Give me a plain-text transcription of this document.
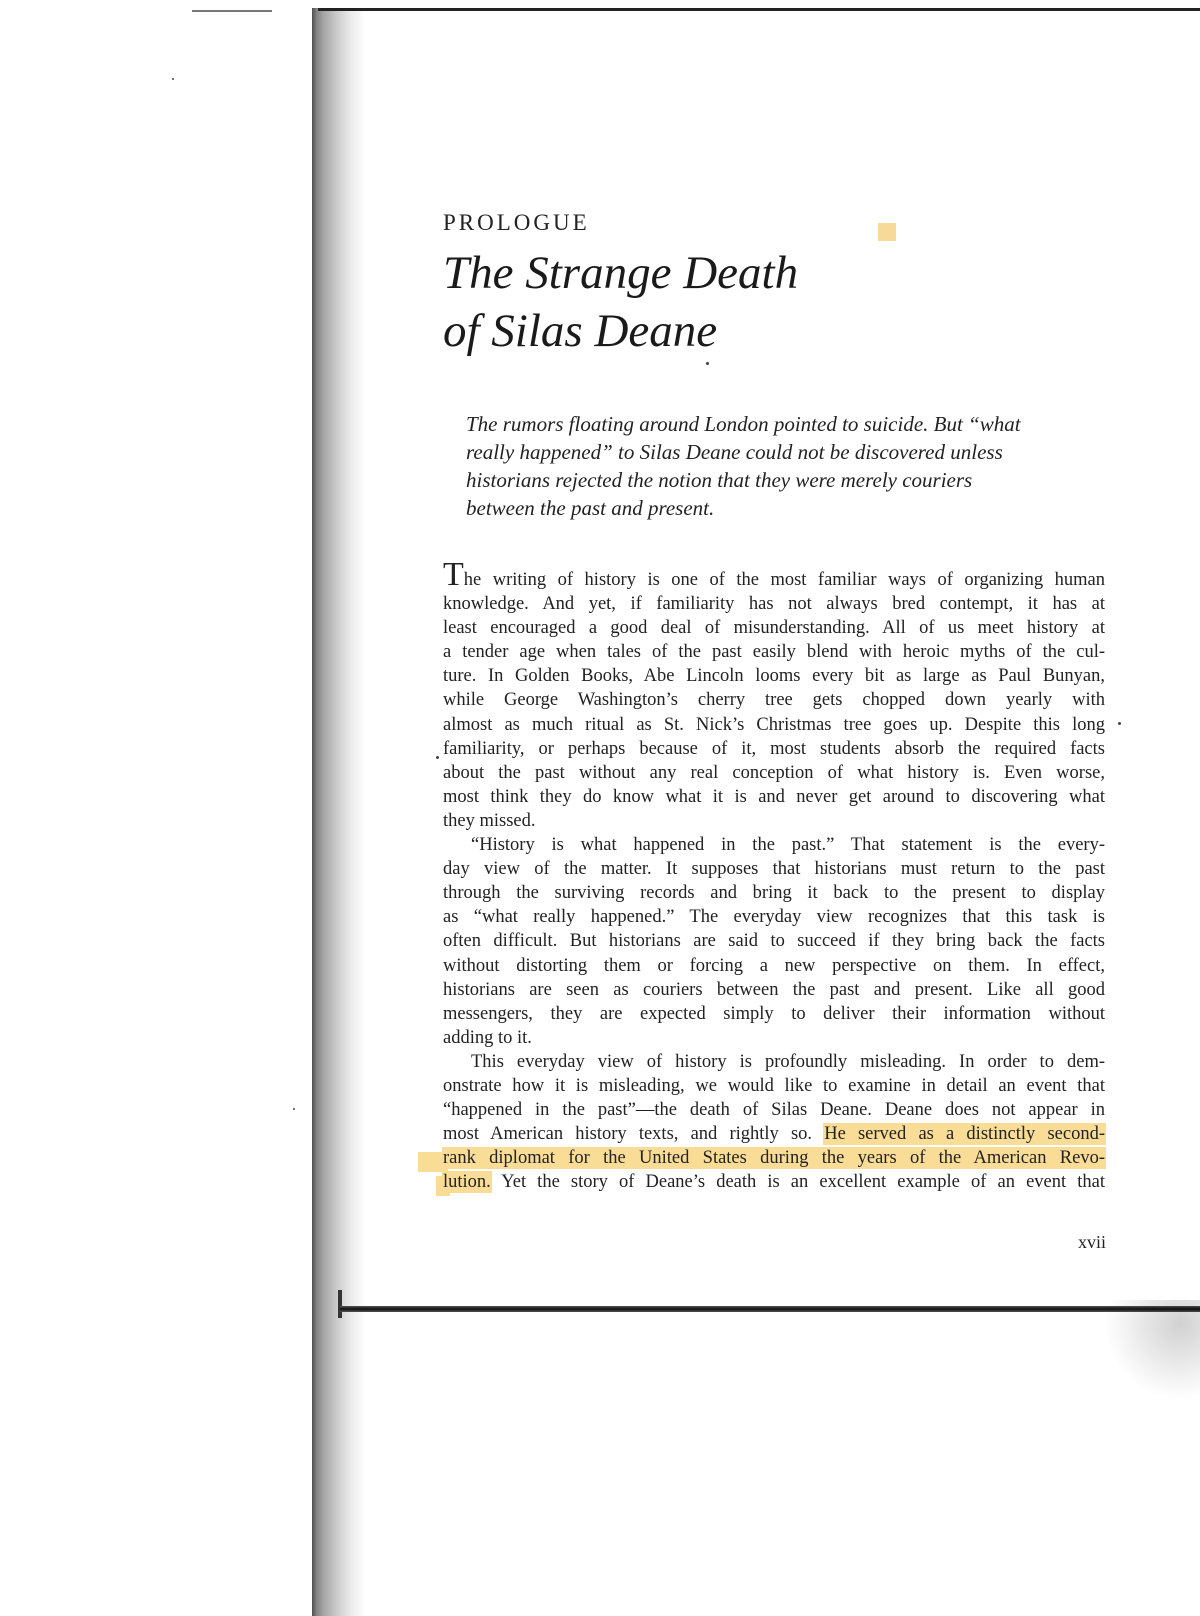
PROLOGUE
The Strange Death
of Silas Deane
The rumors floating around London pointed to suicide. But “what
really happened” to Silas Deane could not be discovered unless
historians rejected the notion that they were merely couriers
between the past and present.
The writing of history is one of the most familiar ways of organizing human
knowledge. And yet, if familiarity has not always bred contempt, it has at
least encouraged a good deal of misunderstanding. All of us meet history at
a tender age when tales of the past easily blend with heroic myths of the cul-
ture. In Golden Books, Abe Lincoln looms every bit as large as Paul Bunyan,
while George Washington’s cherry tree gets chopped down yearly with
almost as much ritual as St. Nick’s Christmas tree goes up. Despite this long
familiarity, or perhaps because of it, most students absorb the required facts
about the past without any real conception of what history is. Even worse,
most think they do know what it is and never get around to discovering what
they missed.
“History is what happened in the past.” That statement is the every-
day view of the matter. It supposes that historians must return to the past
through the surviving records and bring it back to the present to display
as “what really happened.” The everyday view recognizes that this task is
often difficult. But historians are said to succeed if they bring back the facts
without distorting them or forcing a new perspective on them. In effect,
historians are seen as couriers between the past and present. Like all good
messengers, they are expected simply to deliver their information without
adding to it.
This everyday view of history is profoundly misleading. In order to dem-
onstrate how it is misleading, we would like to examine in detail an event that
“happened in the past”—the death of Silas Deane. Deane does not appear in
most American history texts, and rightly so. He served as a distinctly second-
rank diplomat for the United States during the years of the American Revo-
lution. Yet the story of Deane’s death is an excellent example of an event that
xvii
